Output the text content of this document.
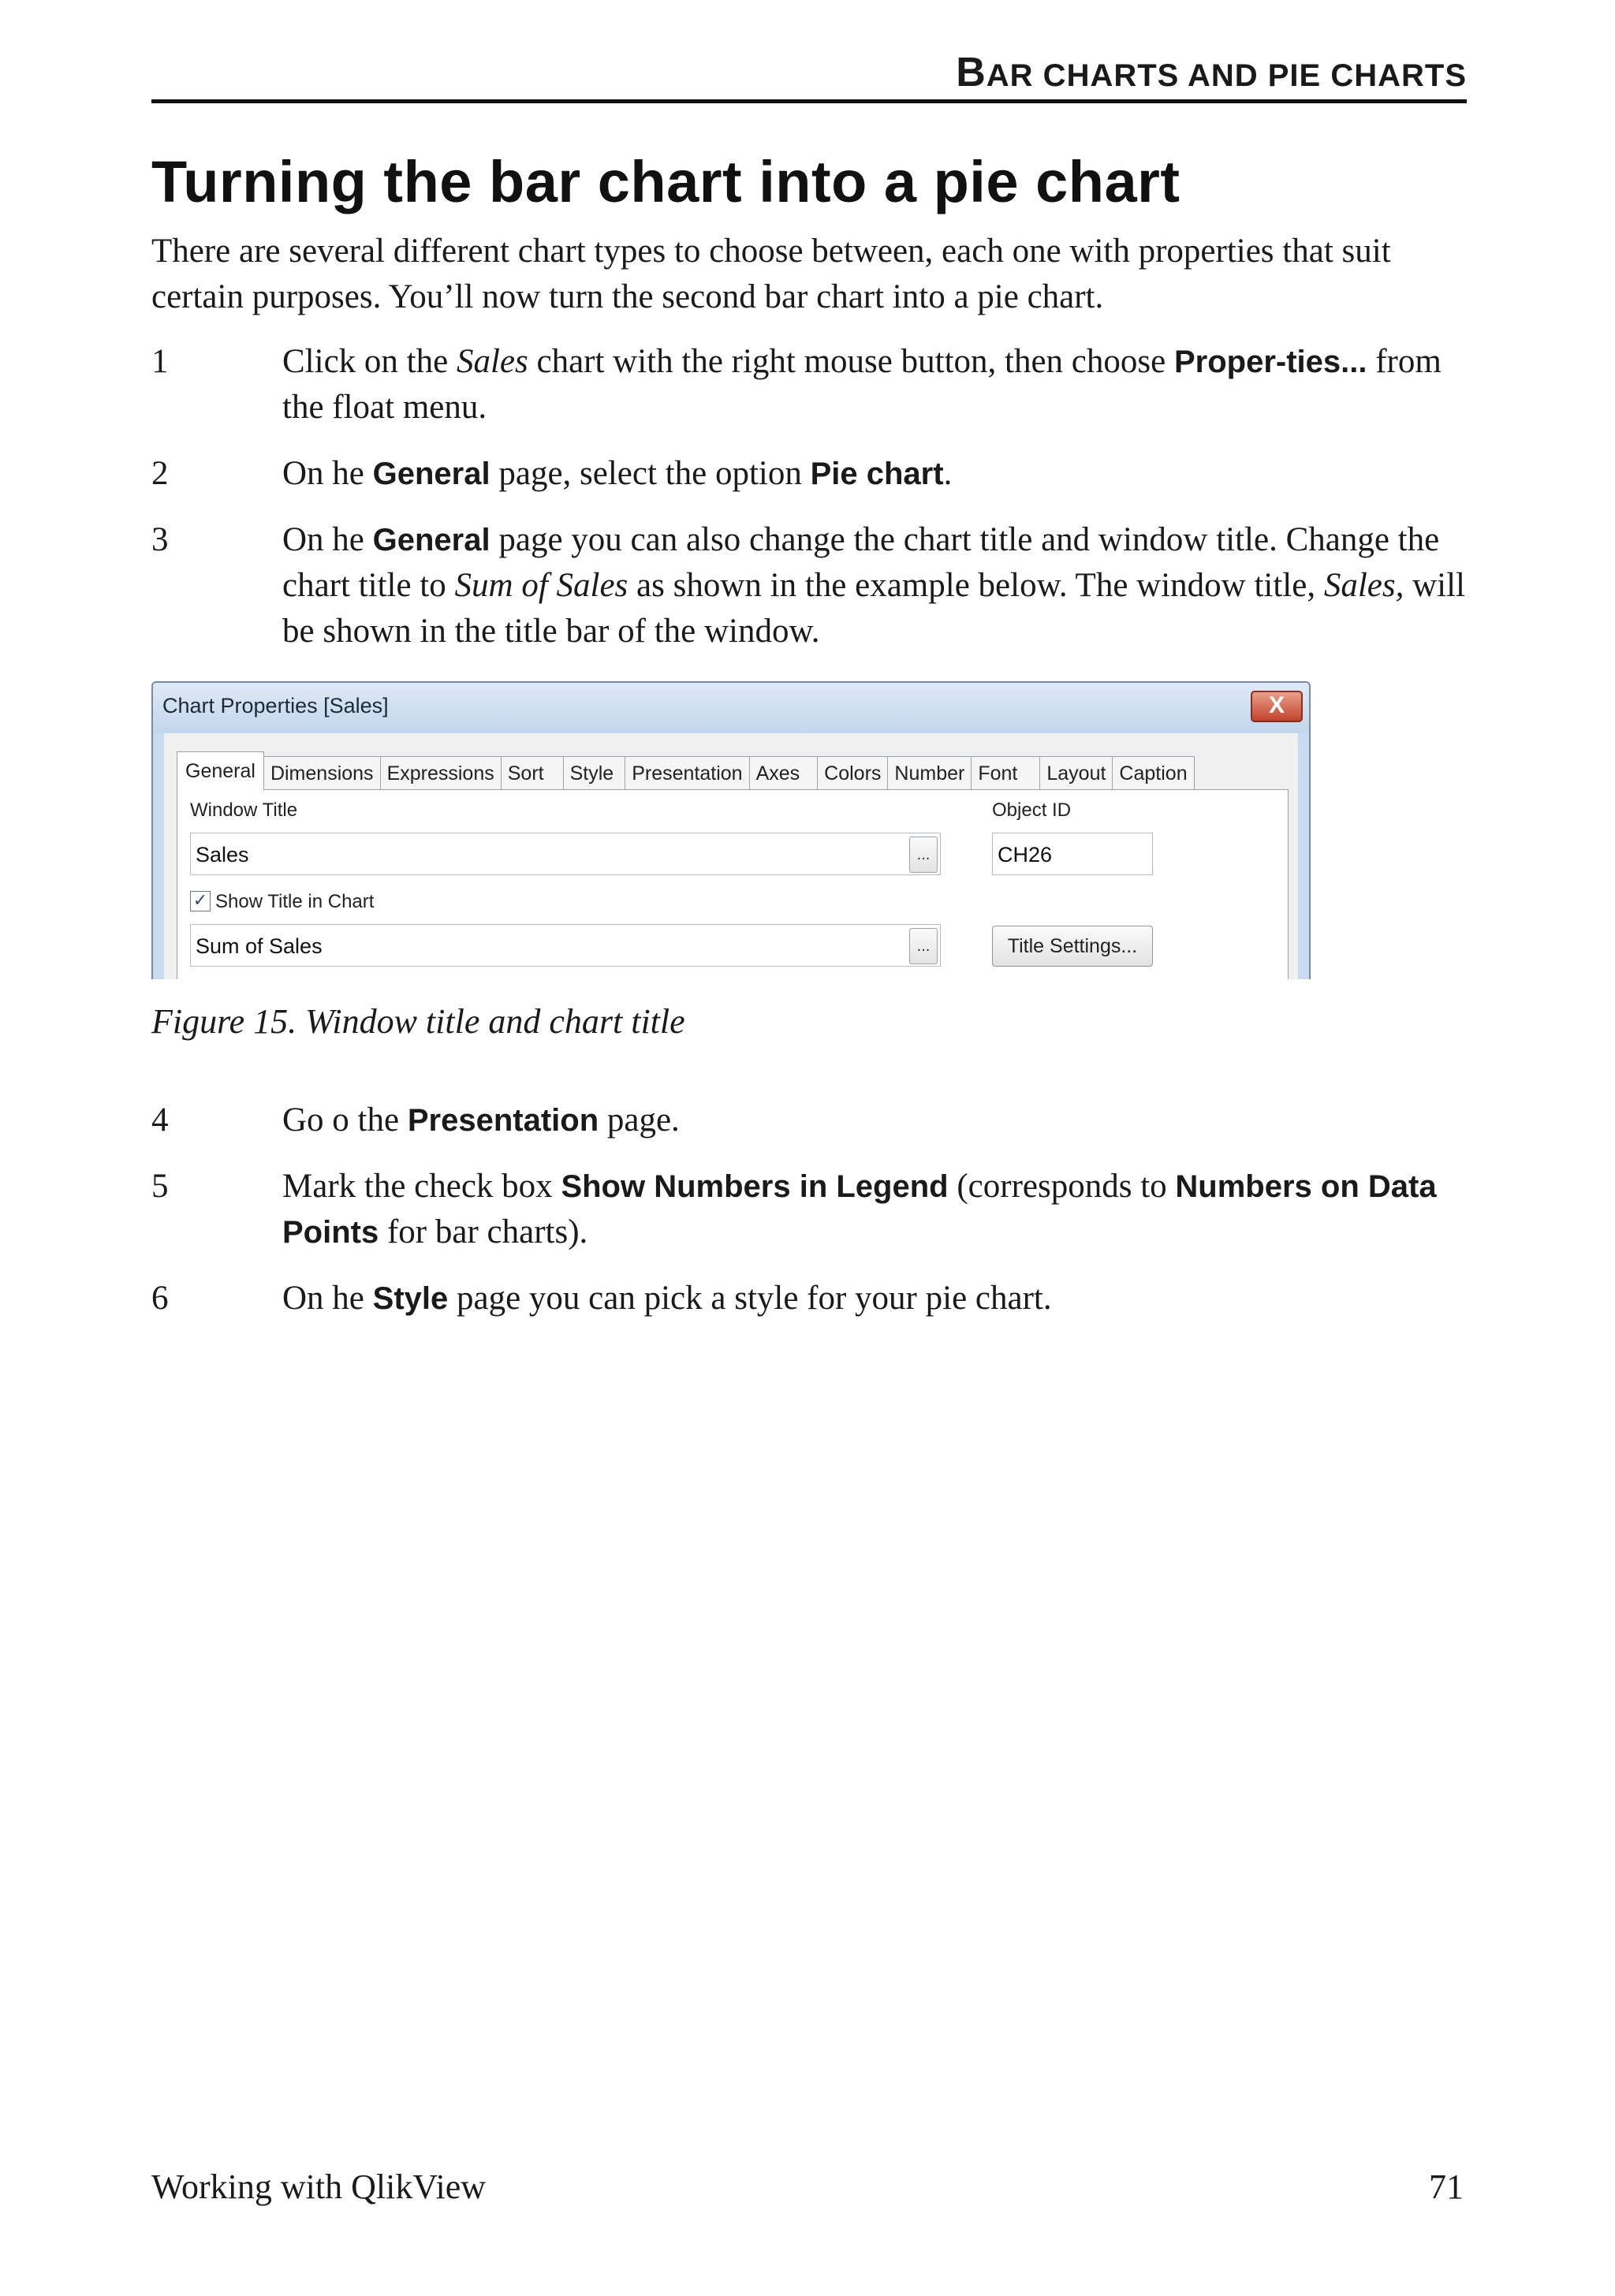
BAR CHARTS AND PIE CHARTS
Turning the bar chart into a pie chart

There are several different chart types to choose between, each one with properties that suit certain purposes. You’ll now turn the second bar chart into a pie chart.

1	Click on the Sales chart with the right mouse button, then choose Proper-ties... from the float menu.

2	On he General page, select the option Pie chart.

3	On he General page you can also change the chart title and window title. Change the chart title to Sum of Sales as shown in the example below. The window title, Sales, will be shown in the title bar of the window.

Chart Properties [Sales]	X
General Dimensions Expressions Sort	Style Presentation Axes	Colors Number Font	Layout Caption
Window Title
Sales	...
Object ID
CH26
✓ Show Title in Chart
Sum of Sales	...	Title Settings...

Figure 15. Window title and chart title

4	Go o the Presentation page.

5	Mark the check box Show Numbers in Legend (corresponds to Numbers on Data Points for bar charts).

6	On he Style page you can pick a style for your pie chart.

Working with QlikView	71
